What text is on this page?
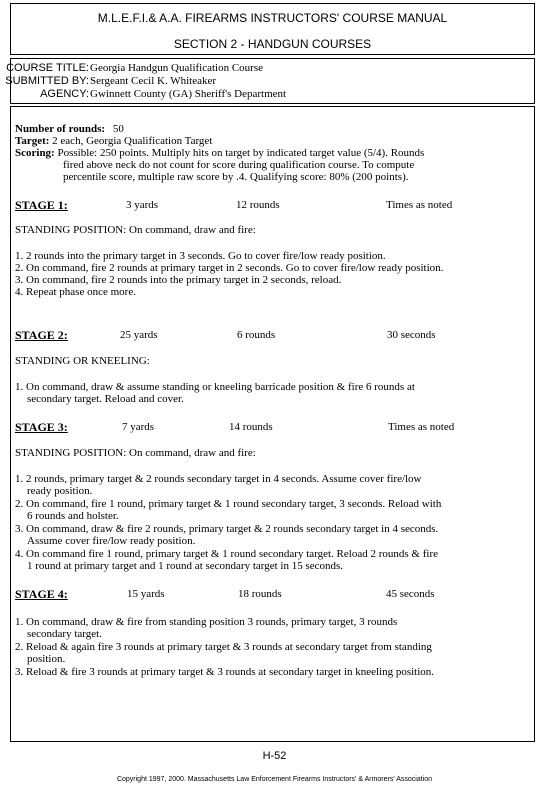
M.L.E.F.I.& A.A. FIREARMS INSTRUCTORS' COURSE MANUAL
SECTION 2 - HANDGUN COURSES
COURSE TITLE: Georgia Handgun Qualification Course
SUBMITTED BY: Sergeant Cecil K. Whiteaker
AGENCY: Gwinnett County (GA) Sheriff's Department
Number of rounds: 50
Target: 2 each, Georgia Qualification Target
Scoring: Possible: 250 points. Multiply hits on target by indicated target value (5/4). Rounds
fired above neck do not count for score during qualification course. To compute
percentile score, multiple raw score by .4. Qualifying score: 80% (200 points).
STAGE 1:	3 yards	12 rounds	Times as noted
STANDING POSITION: On command, draw and fire:
1. 2 rounds into the primary target in 3 seconds. Go to cover fire/low ready position.
2. On command, fire 2 rounds at primary target in 2 seconds. Go to cover fire/low ready position.
3. On command, fire 2 rounds into the primary target in 2 seconds, reload.
4. Repeat phase once more.
STAGE 2:	25 yards	6 rounds	30 seconds
STANDING OR KNEELING:
1. On command, draw & assume standing or kneeling barricade position & fire 6 rounds at
secondary target. Reload and cover.
STAGE 3:	7 yards	14 rounds	Times as noted
STANDING POSITION: On command, draw and fire:
1. 2 rounds, primary target & 2 rounds secondary target in 4 seconds. Assume cover fire/low
ready position.
2. On command, fire 1 round, primary target & 1 round secondary target, 3 seconds. Reload with
6 rounds and holster.
3. On command, draw & fire 2 rounds, primary target & 2 rounds secondary target in 4 seconds.
Assume cover fire/low ready position.
4. On command fire 1 round, primary target & 1 round secondary target. Reload 2 rounds & fire
1 round at primary target and 1 round at secondary target in 15 seconds.
STAGE 4:	15 yards	18 rounds	45 seconds
1. On command, draw & fire from standing position 3 rounds, primary target, 3 rounds
secondary target.
2. Reload & again fire 3 rounds at primary target & 3 rounds at secondary target from standing
position.
3. Reload & fire 3 rounds at primary target & 3 rounds at secondary target in kneeling position.
H-52
Copyright 1997, 2000. Massachusetts Law Enforcement Firearms Instructors' & Armorers' Association
